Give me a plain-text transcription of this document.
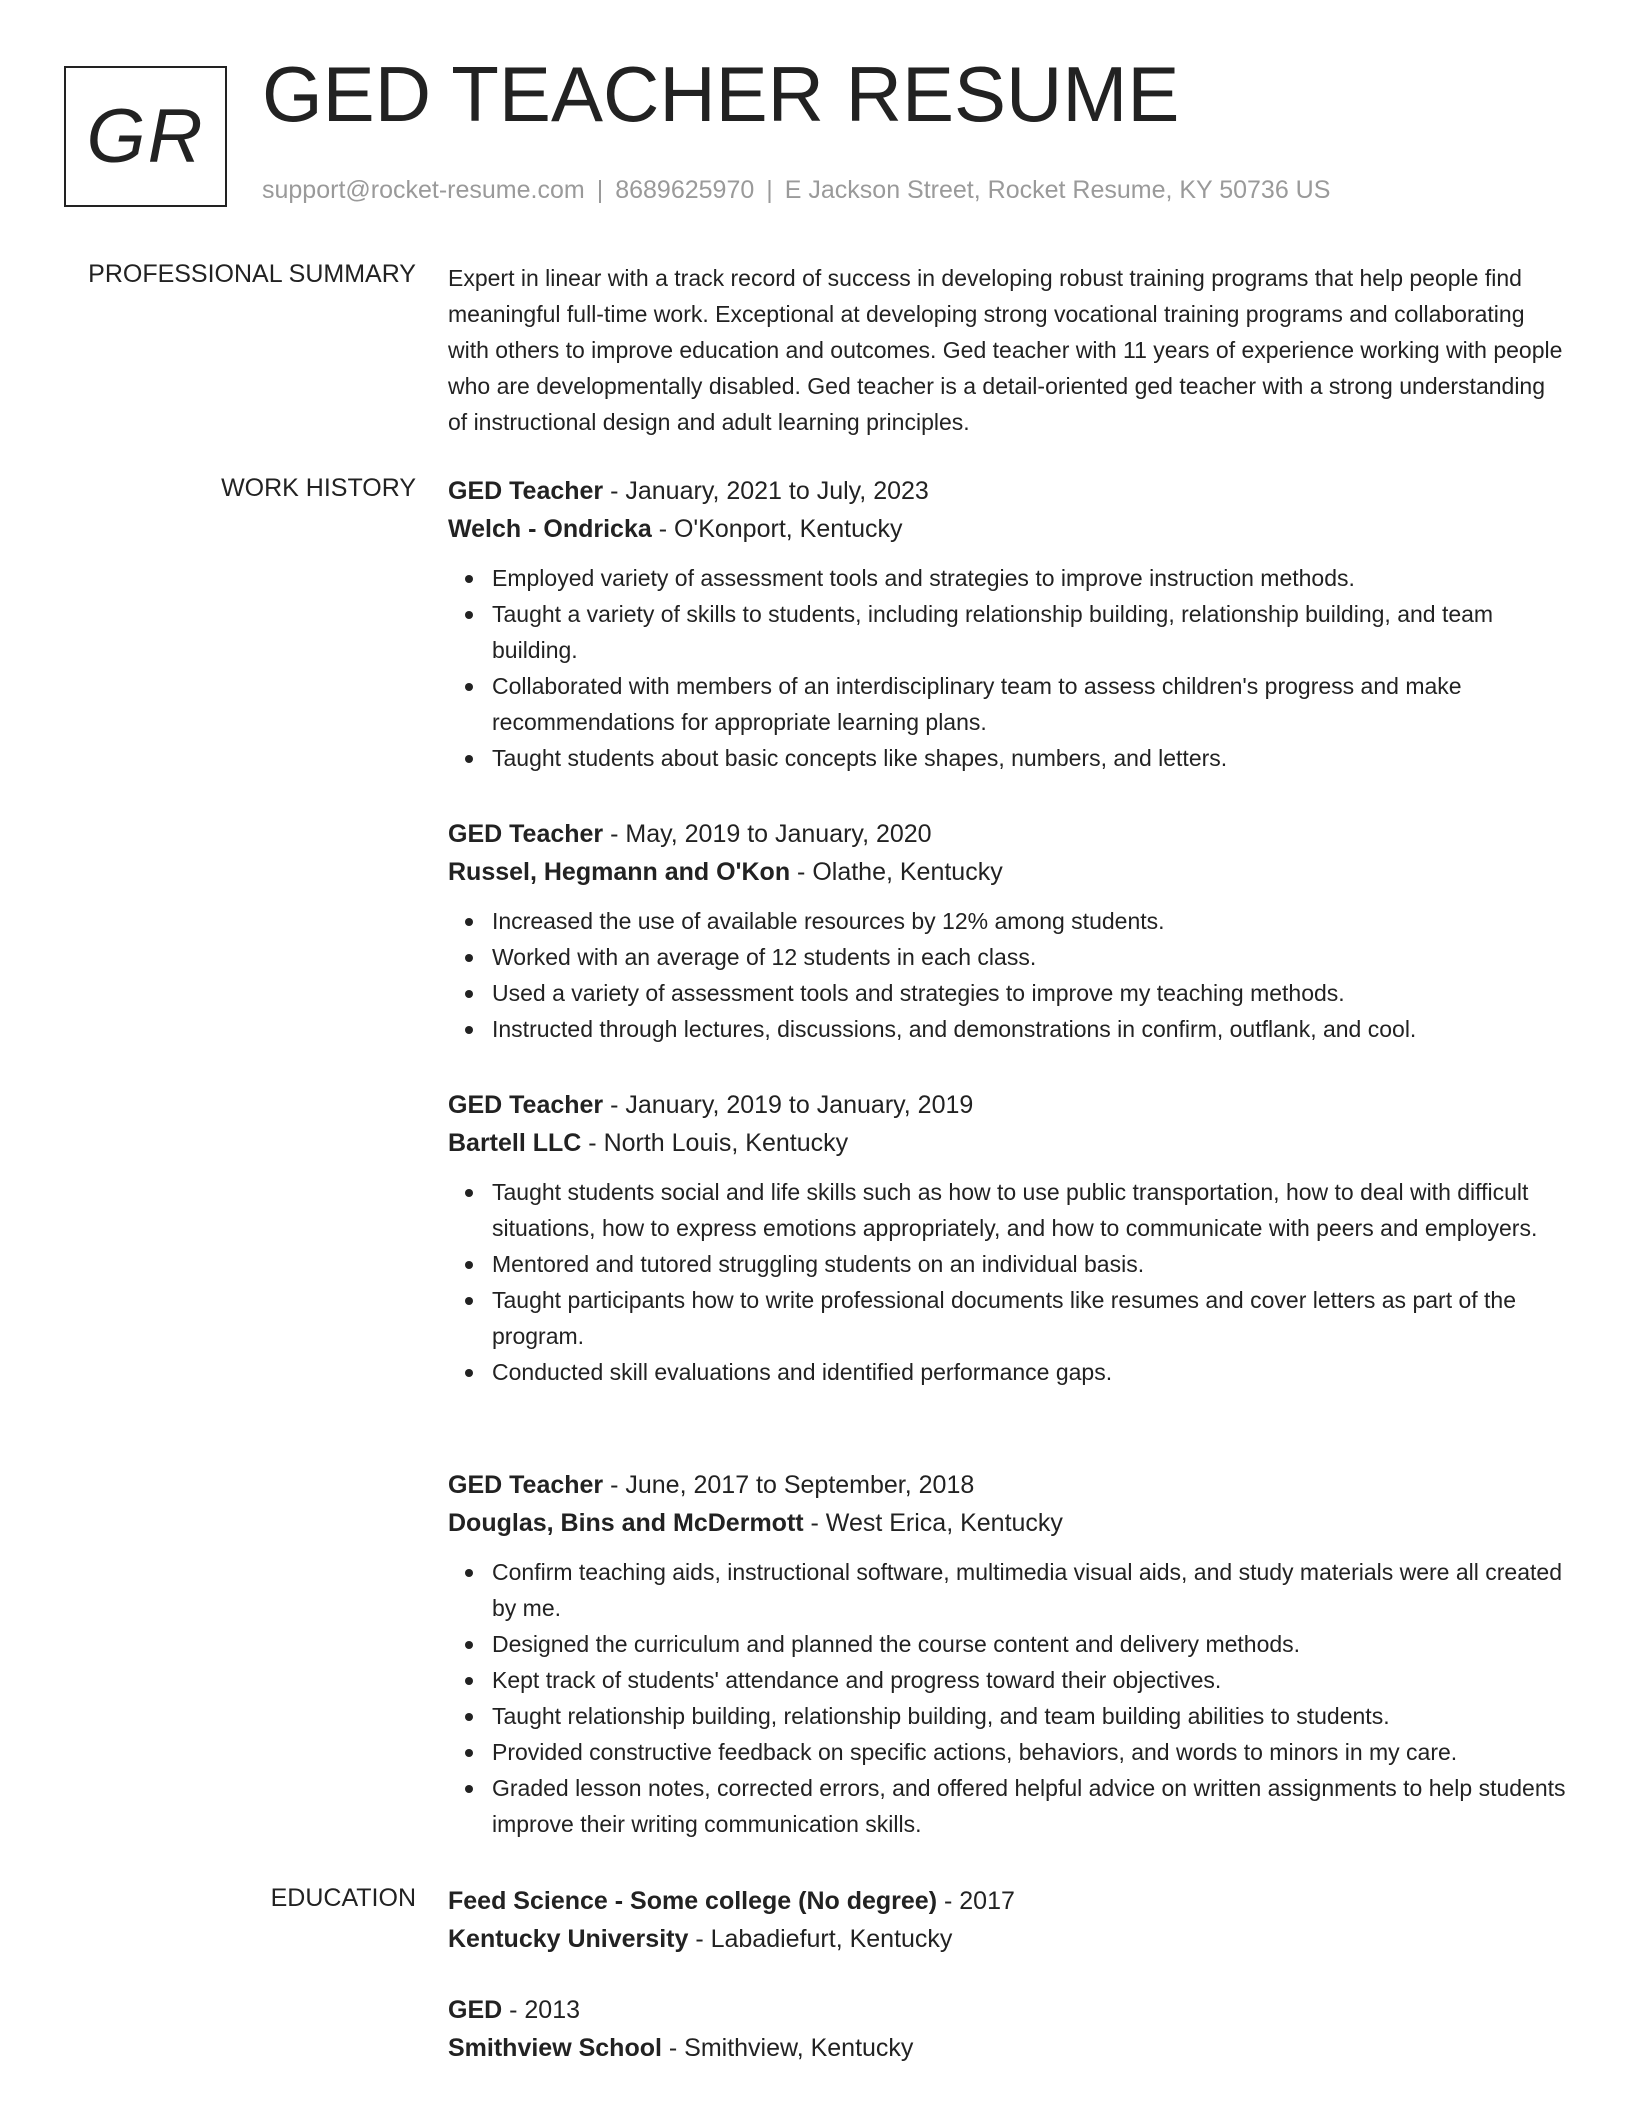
GR GED TEACHER RESUME
support@rocket-resume.com | 8689625970 | E Jackson Street, Rocket Resume, KY 50736 US
PROFESSIONAL SUMMARY Expert in linear with a track record of success in developing robust training programs that help people find meaningful full-time work. Exceptional at developing strong vocational training programs and collaborating with others to improve education and outcomes. Ged teacher with 11 years of experience working with people who are developmentally disabled. Ged teacher is a detail-oriented ged teacher with a strong understanding of instructional design and adult learning principles.

WORK HISTORY GED Teacher - January, 2021 to July, 2023
Welch - Ondricka - O'Konport, Kentucky
Employed variety of assessment tools and strategies to improve instruction methods.
Taught a variety of skills to students, including relationship building, relationship building, and team building.
Collaborated with members of an interdisciplinary team to assess children's progress and make recommendations for appropriate learning plans.
Taught students about basic concepts like shapes, numbers, and letters.
GED Teacher - May, 2019 to January, 2020
Russel, Hegmann and O'Kon - Olathe, Kentucky
Increased the use of available resources by 12% among students.
Worked with an average of 12 students in each class.
Used a variety of assessment tools and strategies to improve my teaching methods.
Instructed through lectures, discussions, and demonstrations in confirm, outflank, and cool.
GED Teacher - January, 2019 to January, 2019
Bartell LLC - North Louis, Kentucky
Taught students social and life skills such as how to use public transportation, how to deal with difficult situations, how to express emotions appropriately, and how to communicate with peers and employers.
Mentored and tutored struggling students on an individual basis.
Taught participants how to write professional documents like resumes and cover letters as part of the program.
Conducted skill evaluations and identified performance gaps.
GED Teacher - June, 2017 to September, 2018
Douglas, Bins and McDermott - West Erica, Kentucky
Confirm teaching aids, instructional software, multimedia visual aids, and study materials were all created by me.
Designed the curriculum and planned the course content and delivery methods.
Kept track of students' attendance and progress toward their objectives.
Taught relationship building, relationship building, and team building abilities to students.
Provided constructive feedback on specific actions, behaviors, and words to minors in my care.
Graded lesson notes, corrected errors, and offered helpful advice on written assignments to help students improve their writing communication skills.
EDUCATION Feed Science - Some college (No degree) - 2017
Kentucky University - Labadiefurt, Kentucky
GED - 2013
Smithview School - Smithview, Kentucky
